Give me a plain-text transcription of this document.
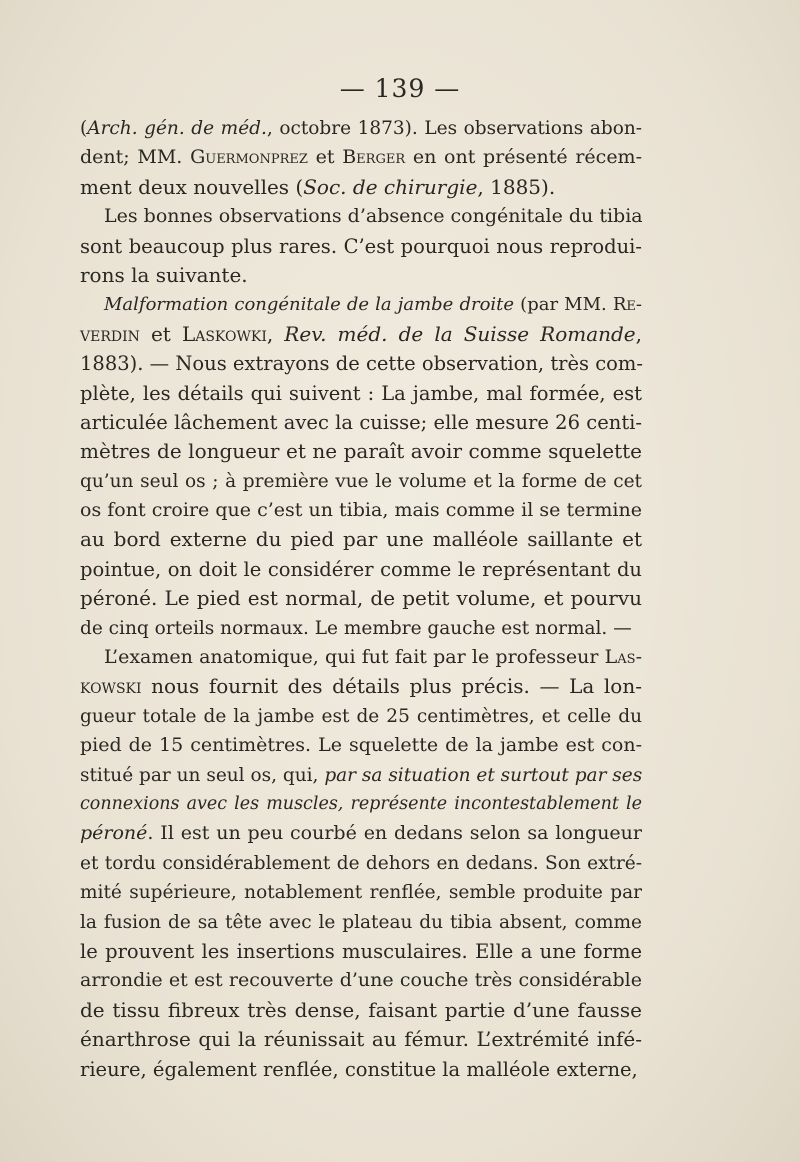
— 139 —
(Arch. gén. de méd., octobre 1873). Les observations abon-
dent; MM. Guermonprez et Berger en ont présenté récem-
ment deux nouvelles (Soc. de chirurgie, 1885).
Les bonnes observations d’absence congénitale du tibia
sont beaucoup plus rares. C’est pourquoi nous reprodui-
rons la suivante.
Malformation congénitale de la jambe droite (par MM. Re-
verdin et Laskowki, Rev. méd. de la Suisse Romande,
1883). — Nous extrayons de cette observation, très com-
plète, les détails qui suivent : La jambe, mal formée, est
articulée lâchement avec la cuisse; elle mesure 26 centi-
mètres de longueur et ne paraît avoir comme squelette
qu’un seul os ; à première vue le volume et la forme de cet
os font croire que c’est un tibia, mais comme il se termine
au bord externe du pied par une malléole saillante et
pointue, on doit le considérer comme le représentant du
péroné. Le pied est normal, de petit volume, et pourvu
de cinq orteils normaux. Le membre gauche est normal. —
L’examen anatomique, qui fut fait par le professeur Las-
kowski nous fournit des détails plus précis. — La lon-
gueur totale de la jambe est de 25 centimètres, et celle du
pied de 15 centimètres. Le squelette de la jambe est con-
stitué par un seul os, qui, par sa situation et surtout par ses
connexions avec les muscles, représente incontestablement le
péroné. Il est un peu courbé en dedans selon sa longueur
et tordu considérablement de dehors en dedans. Son extré-
mité supérieure, notablement renflée, semble produite par
la fusion de sa tête avec le plateau du tibia absent, comme
le prouvent les insertions musculaires. Elle a une forme
arrondie et est recouverte d’une couche très considérable
de tissu fibreux très dense, faisant partie d’une fausse
énarthrose qui la réunissait au fémur. L’extrémité infé-
rieure, également renflée, constitue la malléole externe,
